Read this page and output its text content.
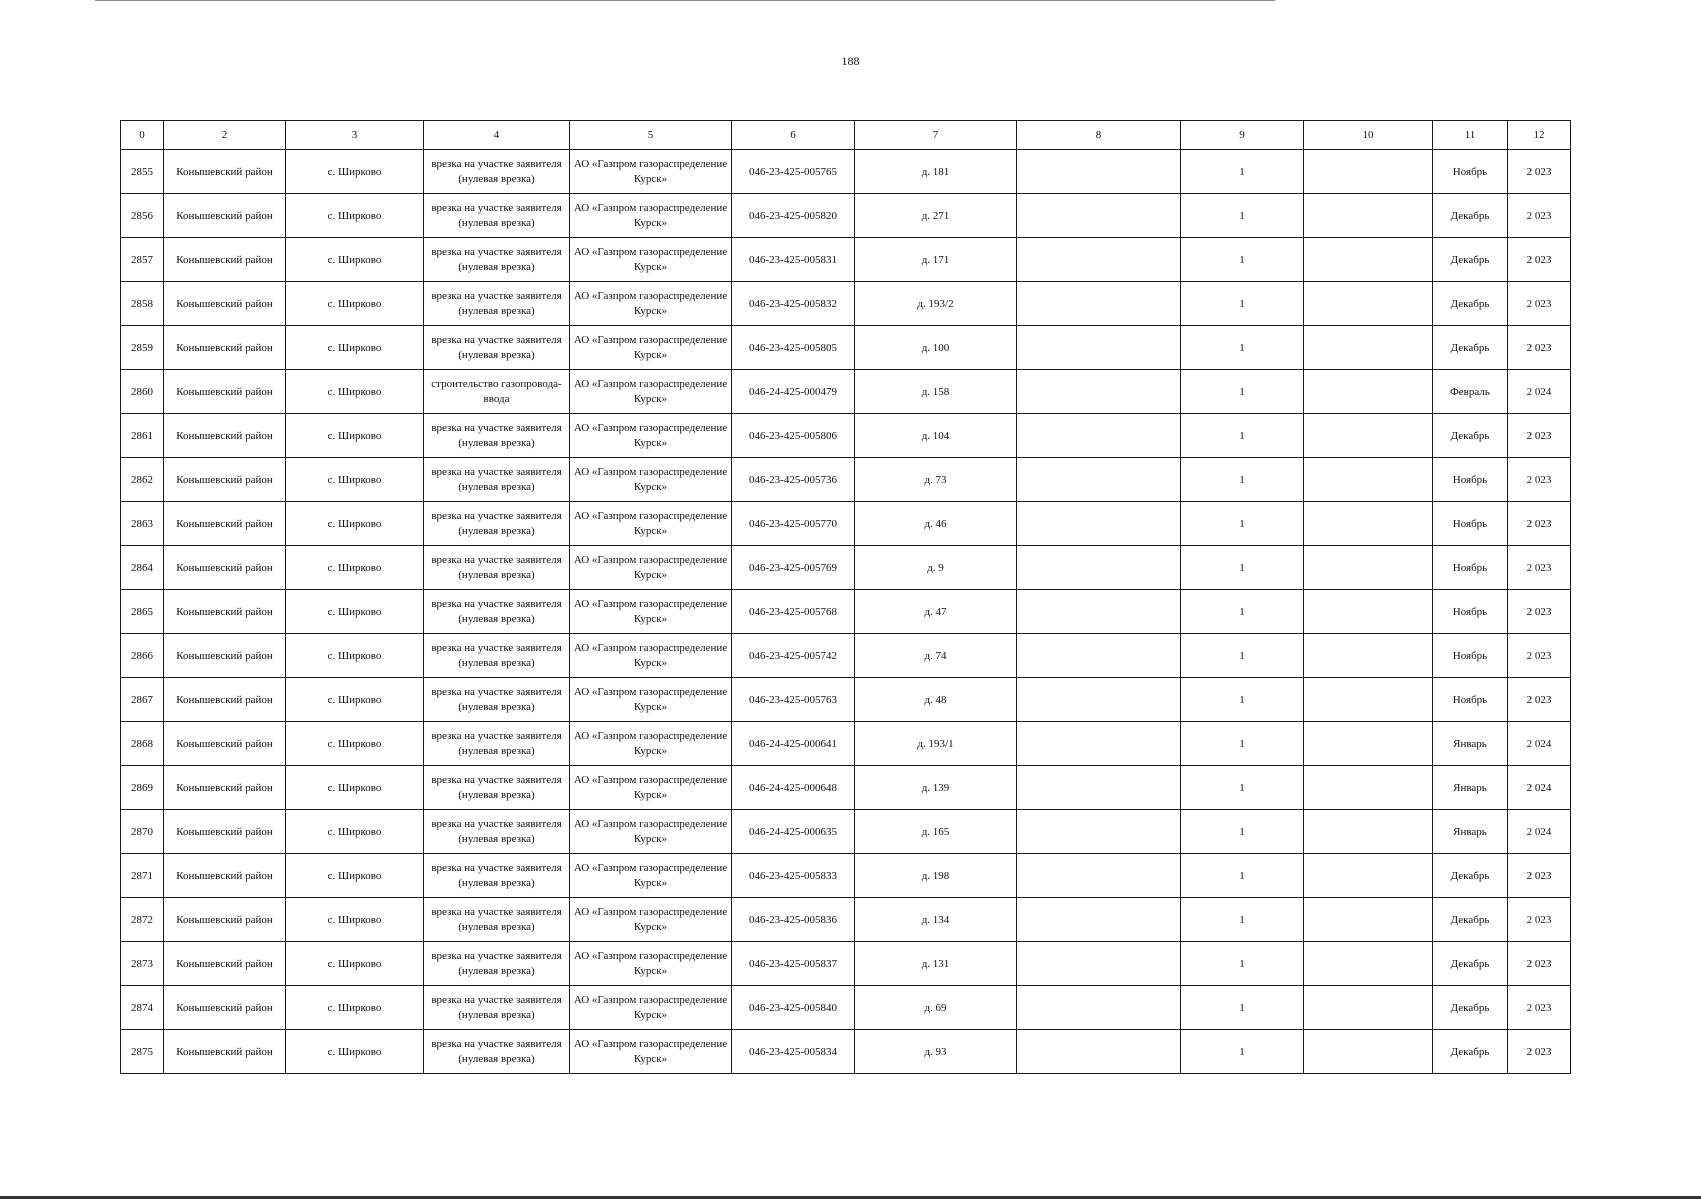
188
0	2	3	4	5	6	7	8	9	10	11	12
2855	Конышевский район	с. Ширково	врезка на участке заявителя (нулевая врезка)	АО «Газпром газораспределение Курск»	046-23-425-005765	д. 181		1		Ноябрь	2 023
2856	Конышевский район	с. Ширково	врезка на участке заявителя (нулевая врезка)	АО «Газпром газораспределение Курск»	046-23-425-005820	д. 271		1		Декабрь	2 023
2857	Конышевский район	с. Ширково	врезка на участке заявителя (нулевая врезка)	АО «Газпром газораспределение Курск»	046-23-425-005831	д. 171		1		Декабрь	2 023
2858	Конышевский район	с. Ширково	врезка на участке заявителя (нулевая врезка)	АО «Газпром газораспределение Курск»	046-23-425-005832	д. 193/2		1		Декабрь	2 023
2859	Конышевский район	с. Ширково	врезка на участке заявителя (нулевая врезка)	АО «Газпром газораспределение Курск»	046-23-425-005805	д. 100		1		Декабрь	2 023
2860	Конышевский район	с. Ширково	строительство газопровода-ввода	АО «Газпром газораспределение Курск»	046-24-425-000479	д. 158		1		Февраль	2 024
2861	Конышевский район	с. Ширково	врезка на участке заявителя (нулевая врезка)	АО «Газпром газораспределение Курск»	046-23-425-005806	д. 104		1		Декабрь	2 023
2862	Конышевский район	с. Ширково	врезка на участке заявителя (нулевая врезка)	АО «Газпром газораспределение Курск»	046-23-425-005736	д. 73		1		Ноябрь	2 023
2863	Конышевский район	с. Ширково	врезка на участке заявителя (нулевая врезка)	АО «Газпром газораспределение Курск»	046-23-425-005770	д. 46		1		Ноябрь	2 023
2864	Конышевский район	с. Ширково	врезка на участке заявителя (нулевая врезка)	АО «Газпром газораспределение Курск»	046-23-425-005769	д. 9		1		Ноябрь	2 023
2865	Конышевский район	с. Ширково	врезка на участке заявителя (нулевая врезка)	АО «Газпром газораспределение Курск»	046-23-425-005768	д. 47		1		Ноябрь	2 023
2866	Конышевский район	с. Ширково	врезка на участке заявителя (нулевая врезка)	АО «Газпром газораспределение Курск»	046-23-425-005742	д. 74		1		Ноябрь	2 023
2867	Конышевский район	с. Ширково	врезка на участке заявителя (нулевая врезка)	АО «Газпром газораспределение Курск»	046-23-425-005763	д. 48		1		Ноябрь	2 023
2868	Конышевский район	с. Ширково	врезка на участке заявителя (нулевая врезка)	АО «Газпром газораспределение Курск»	046-24-425-000641	д. 193/1		1		Январь	2 024
2869	Конышевский район	с. Ширково	врезка на участке заявителя (нулевая врезка)	АО «Газпром газораспределение Курск»	046-24-425-000648	д. 139		1		Январь	2 024
2870	Конышевский район	с. Ширково	врезка на участке заявителя (нулевая врезка)	АО «Газпром газораспределение Курск»	046-24-425-000635	д. 165		1		Январь	2 024
2871	Конышевский район	с. Ширково	врезка на участке заявителя (нулевая врезка)	АО «Газпром газораспределение Курск»	046-23-425-005833	д. 198		1		Декабрь	2 023
2872	Конышевский район	с. Ширково	врезка на участке заявителя (нулевая врезка)	АО «Газпром газораспределение Курск»	046-23-425-005836	д. 134		1		Декабрь	2 023
2873	Конышевский район	с. Ширково	врезка на участке заявителя (нулевая врезка)	АО «Газпром газораспределение Курск»	046-23-425-005837	д. 131		1		Декабрь	2 023
2874	Конышевский район	с. Ширково	врезка на участке заявителя (нулевая врезка)	АО «Газпром газораспределение Курск»	046-23-425-005840	д. 69		1		Декабрь	2 023
2875	Конышевский район	с. Ширково	врезка на участке заявителя (нулевая врезка)	АО «Газпром газораспределение Курск»	046-23-425-005834	д. 93		1		Декабрь	2 023
